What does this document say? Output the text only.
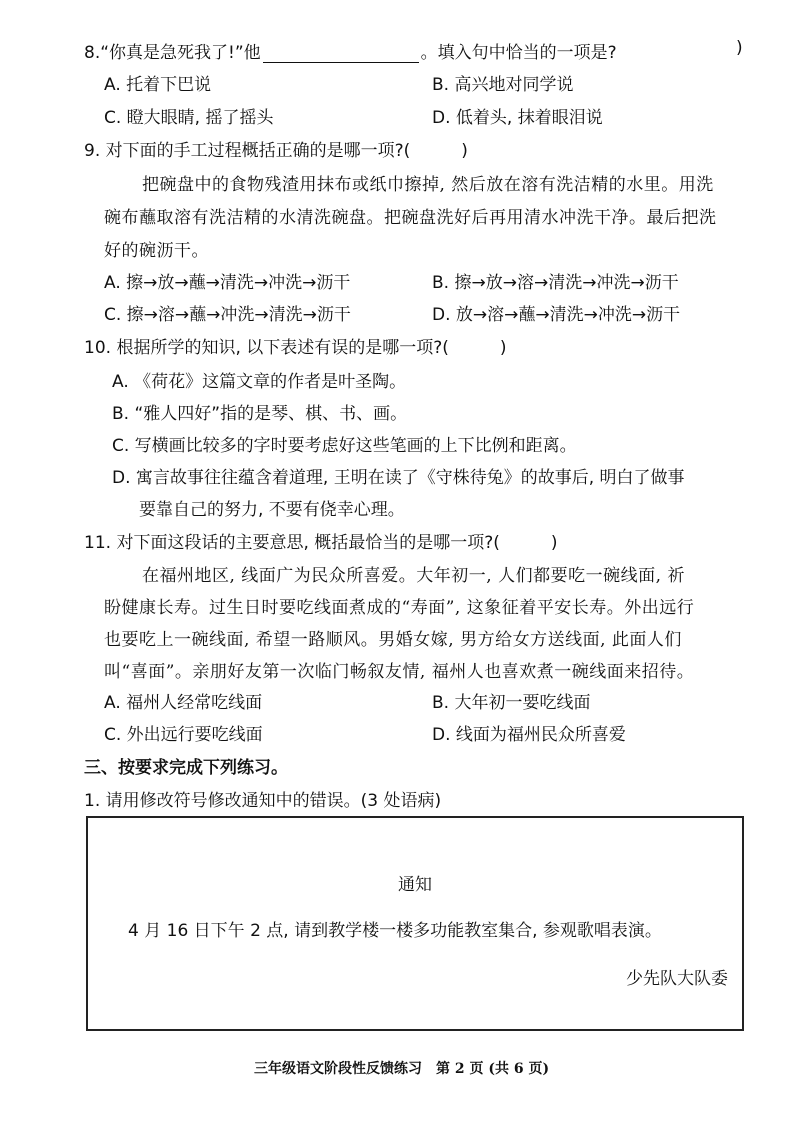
8.“你真是急死我了!”他	。填入句中恰当的一项是?	)
A. 托着下巴说	B. 高兴地对同学说
C. 瞪大眼睛, 摇了摇头	D. 低着头, 抹着眼泪说
9. 对下面的手工过程概括正确的是哪一项?(　　　)
把碗盘中的食物残渣用抹布或纸巾擦掉, 然后放在溶有洗洁精的水里。用洗
碗布蘸取溶有洗洁精的水清洗碗盘。把碗盘洗好后再用清水冲洗干净。最后把洗
好的碗沥干。
A. 擦→放→蘸→清洗→冲洗→沥干	B. 擦→放→溶→清洗→冲洗→沥干
C. 擦→溶→蘸→冲洗→清洗→沥干	D. 放→溶→蘸→清洗→冲洗→沥干
10. 根据所学的知识, 以下表述有误的是哪一项?(　　　)
A. 《荷花》这篇文章的作者是叶圣陶。
B. “雅人四好”指的是琴、棋、书、画。
C. 写横画比较多的字时要考虑好这些笔画的上下比例和距离。
D. 寓言故事往往蕴含着道理, 王明在读了《守株待兔》的故事后, 明白了做事
要靠自己的努力, 不要有侥幸心理。
11. 对下面这段话的主要意思, 概括最恰当的是哪一项?(　　　)
在福州地区, 线面广为民众所喜爱。大年初一, 人们都要吃一碗线面, 祈
盼健康长寿。过生日时要吃线面煮成的“寿面”, 这象征着平安长寿。外出远行
也要吃上一碗线面, 希望一路顺风。男婚女嫁, 男方给女方送线面, 此面人们
叫“喜面”。亲朋好友第一次临门畅叙友情, 福州人也喜欢煮一碗线面来招待。
A. 福州人经常吃线面	B. 大年初一要吃线面
C. 外出远行要吃线面	D. 线面为福州民众所喜爱
三、按要求完成下列练习。
1. 请用修改符号修改通知中的错误。(3 处语病)
通知
4 月 16 日下午 2 点, 请到教学楼一楼多功能教室集合, 参观歌唱表演。
少先队大队委
三年级语文阶段性反馈练习　第 2 页 (共 6 页)
